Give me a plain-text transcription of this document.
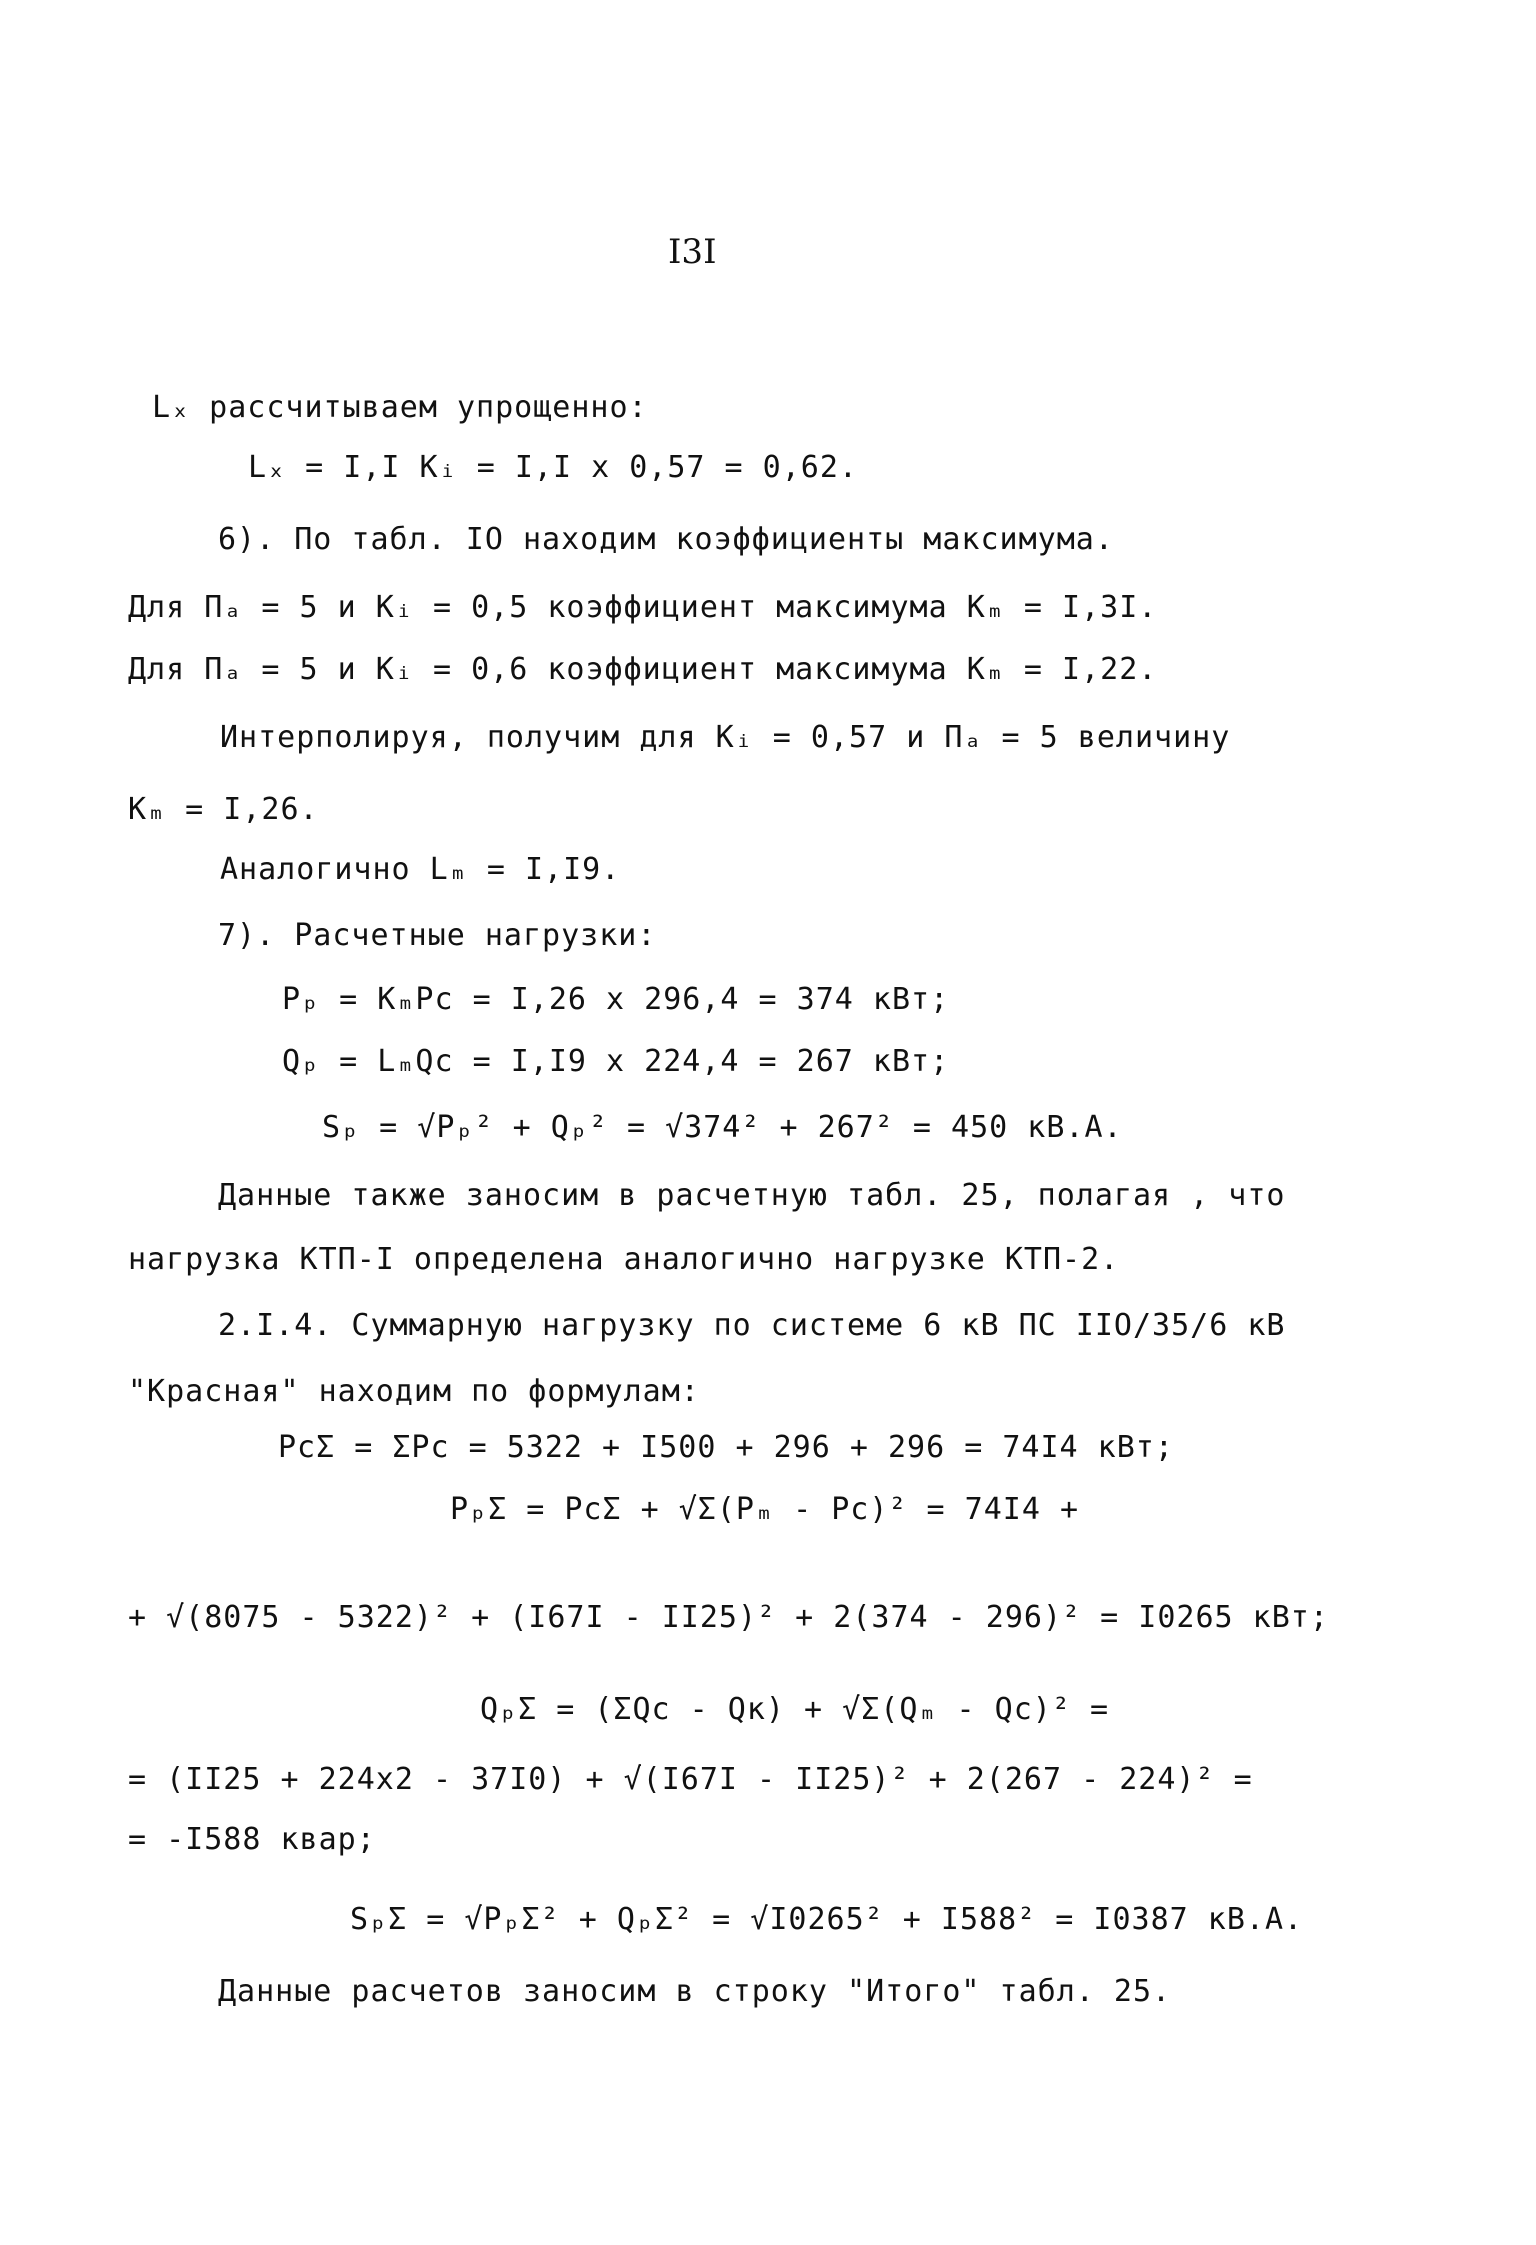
I3I
Lₓ рассчитываем упрощенно:
Lₓ = I,I Kᵢ = I,I x 0,57 = 0,62.
6). По табл. IO находим коэффициенты максимума.
Для Пₐ = 5 и Kᵢ = 0,5 коэффициент максимума Kₘ = I,3I.
Для Пₐ = 5 и Kᵢ = 0,6 коэффициент максимума Kₘ = I,22.
Интерполируя, получим для Kᵢ = 0,57 и Пₐ = 5 величину
Kₘ = I,26.
Аналогично Lₘ = I,I9.
7). Расчетные нагрузки:
Pₚ = KₘPc = I,26 x 296,4 = 374 кВт;
Qₚ = LₘQc = I,I9 x 224,4 = 267 кВт;
Sₚ = √Pₚ² + Qₚ² = √374² + 267² = 450 кВ.А.
Данные также заносим в расчетную табл. 25, полагая , что
нагрузка КТП-I определена аналогично нагрузке КТП-2.
2.I.4. Суммарную нагрузку по системе 6 кВ ПС IIO/35/6 кВ
"Красная" находим по формулам:
PcΣ = ΣPc = 5322 + I500 + 296 + 296 = 74I4 кВт;
PₚΣ = PcΣ + √Σ(Pₘ - Pc)² = 74I4 +
+ √(8075 - 5322)² + (I67I - II25)² + 2(374 - 296)² = I0265 кВт;
QₚΣ = (ΣQc - Qк) + √Σ(Qₘ - Qc)² =
= (II25 + 224x2 - 37I0) + √(I67I - II25)² + 2(267 - 224)² =
= -I588 квар;
SₚΣ = √PₚΣ² + QₚΣ² = √I0265² + I588² = I0387 кВ.А.
Данные расчетов заносим в строку "Итого" табл. 25.
